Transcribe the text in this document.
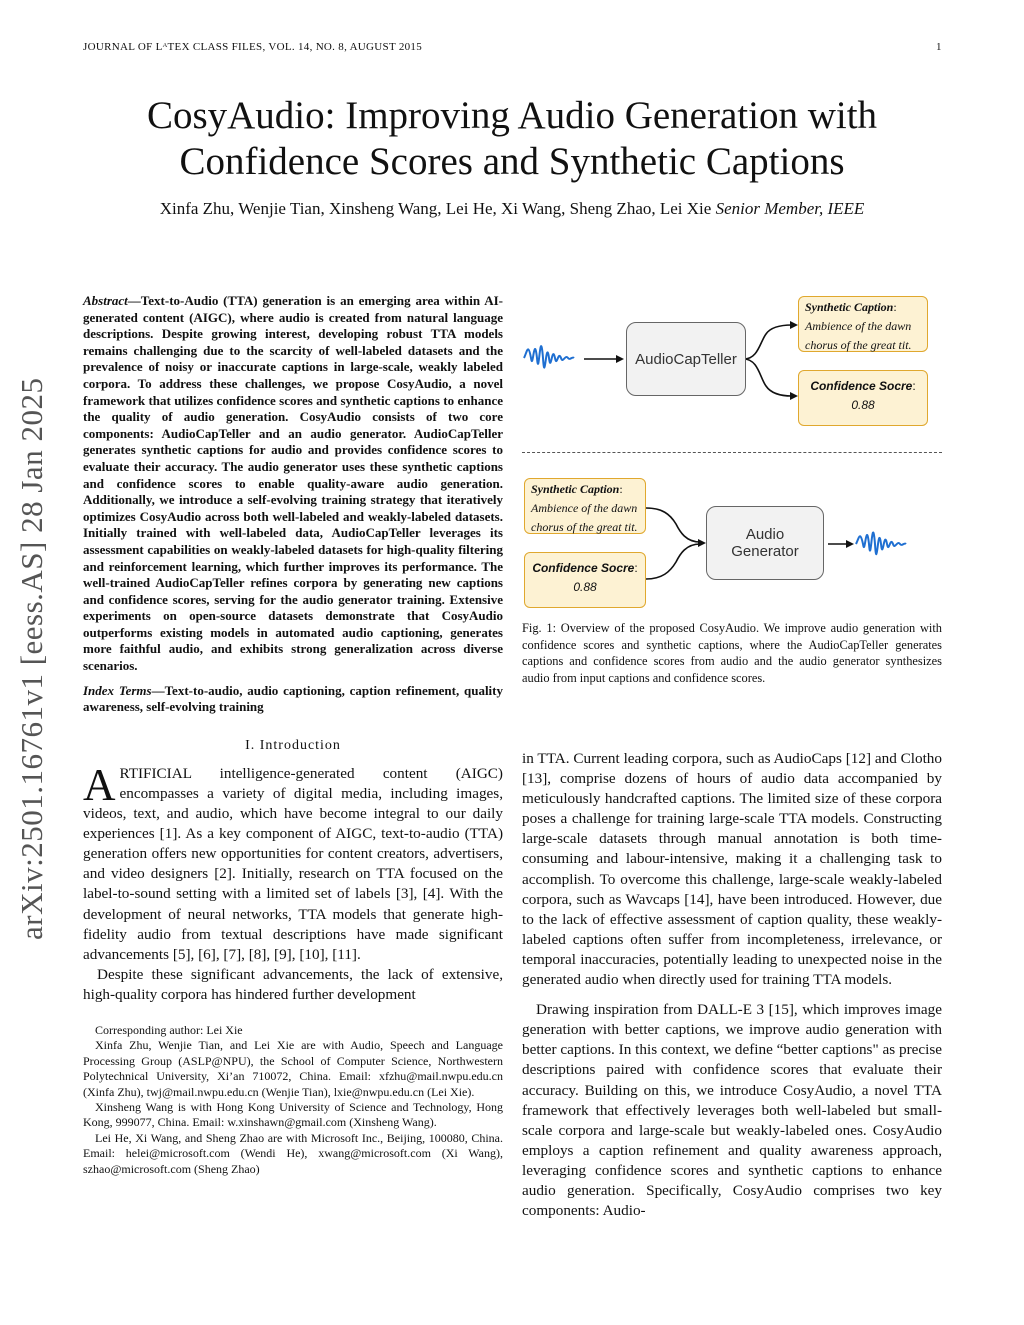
JOURNAL OF LᴬTEX CLASS FILES, VOL. 14, NO. 8, AUGUST 2015	1
CosyAudio: Improving Audio Generation with
Confidence Scores and Synthetic Captions
Xinfa Zhu, Wenjie Tian, Xinsheng Wang, Lei He, Xi Wang, Sheng Zhao, Lei Xie Senior Member, IEEE
arXiv:2501.16761v1 [eess.AS] 28 Jan 2025
Abstract—Text-to-Audio (TTA) generation is an emerging area within AI-generated content (AIGC), where audio is created from natural language descriptions. Despite growing interest, developing robust TTA models remains challenging due to the scarcity of well-labeled datasets and the prevalence of noisy or inaccurate captions in large-scale, weakly labeled corpora. To address these challenges, we propose CosyAudio, a novel framework that utilizes confidence scores and synthetic captions to enhance the quality of audio generation. CosyAudio consists of two core components: AudioCapTeller and an audio generator. AudioCapTeller generates synthetic captions for audio and provides confidence scores to evaluate their accuracy. The audio generator uses these synthetic captions and confidence scores to enable quality-aware audio generation. Additionally, we introduce a self-evolving training strategy that iteratively optimizes CosyAudio across both well-labeled and weakly-labeled datasets. Initially trained with well-labeled data, AudioCapTeller leverages its assessment capabilities on weakly-labeled datasets for high-quality filtering and reinforcement learning, which further improves its performance. The well-trained AudioCapTeller refines corpora by generating new captions and confidence scores, serving for the audio generator training. Extensive experiments on open-source datasets demonstrate that CosyAudio outperforms existing models in automated audio captioning, generates more faithful audio, and exhibits strong generalization across diverse scenarios.
Index Terms—Text-to-audio, audio captioning, caption refinement, quality awareness, self-evolving training
I. Introduction

ARTIFICIAL intelligence-generated content (AIGC) encompasses a variety of digital media, including images, videos, text, and audio, which have become integral to our daily experiences [1]. As a key component of AIGC, text-to-audio (TTA) generation offers new opportunities for content creators, advertisers, and video designers [2]. Initially, research on TTA focused on the label-to-sound setting with a limited set of labels [3], [4]. With the development of neural networks, TTA models that generate high-fidelity audio from textual descriptions have made significant advancements [5], [6], [7], [8], [9], [10], [11].

Despite these significant advancements, the lack of extensive, high-quality corpora has hindered further development

Corresponding author: Lei Xie

Xinfa Zhu, Wenjie Tian, and Lei Xie are with Audio, Speech and Language Processing Group (ASLP@NPU), the School of Computer Science, Northwestern Polytechnical University, Xi’an 710072, China. Email: xfzhu@mail.nwpu.edu.cn (Xinfa Zhu), twj@mail.nwpu.edu.cn (Wenjie Tian), lxie@nwpu.edu.cn (Lei Xie).

Xinsheng Wang is with Hong Kong University of Science and Technology, Hong Kong, 999077, China. Email: w.xinshawn@gmail.com (Xinsheng Wang).

Lei He, Xi Wang, and Sheng Zhao are with Microsoft Inc., Beijing, 100080, China. Email: helei@microsoft.com (Wendi He), xwang@microsoft.com (Xi Wang), szhao@microsoft.com (Sheng Zhao)

AudioCapTeller
Synthetic Caption:
Ambience of the dawn
chorus of the great tit.
Confidence Socre:
0.88
Synthetic Caption:
Ambience of the dawn
chorus of the great tit.
Confidence Socre:
0.88
Audio Generator
Fig. 1: Overview of the proposed CosyAudio. We improve audio generation with confidence scores and synthetic captions, where the AudioCapTeller generates captions and confidence scores from audio and the audio generator synthesizes audio from input captions and confidence scores.

in TTA. Current leading corpora, such as AudioCaps [12] and Clotho [13], comprise dozens of hours of audio data accompanied by meticulously handcrafted captions. The limited size of these corpora poses a challenge for training large-scale TTA models. Constructing large-scale datasets through manual annotation is both time-consuming and labour-intensive, making it a challenging task to accomplish. To overcome this challenge, large-scale weakly-labeled corpora, such as Wavcaps [14], have been introduced. However, due to the lack of effective assessment of caption quality, these weakly-labeled captions often suffer from incompleteness, irrelevance, or temporal inaccuracies, potentially leading to unexpected noise in the generated audio when directly used for training TTA models.

Drawing inspiration from DALL-E 3 [15], which improves image generation with better captions, we improve audio generation with better captions. In this context, we define “better captions" as precise descriptions paired with confidence scores that evaluate their accuracy. Building on this, we introduce CosyAudio, a novel TTA framework that effectively leverages both well-labeled but small-scale corpora and large-scale but weakly-labeled ones. CosyAudio employs a caption refinement and quality awareness approach, leveraging confidence scores and synthetic captions to enhance audio generation. Specifically, CosyAudio comprises two key components: Audio-
